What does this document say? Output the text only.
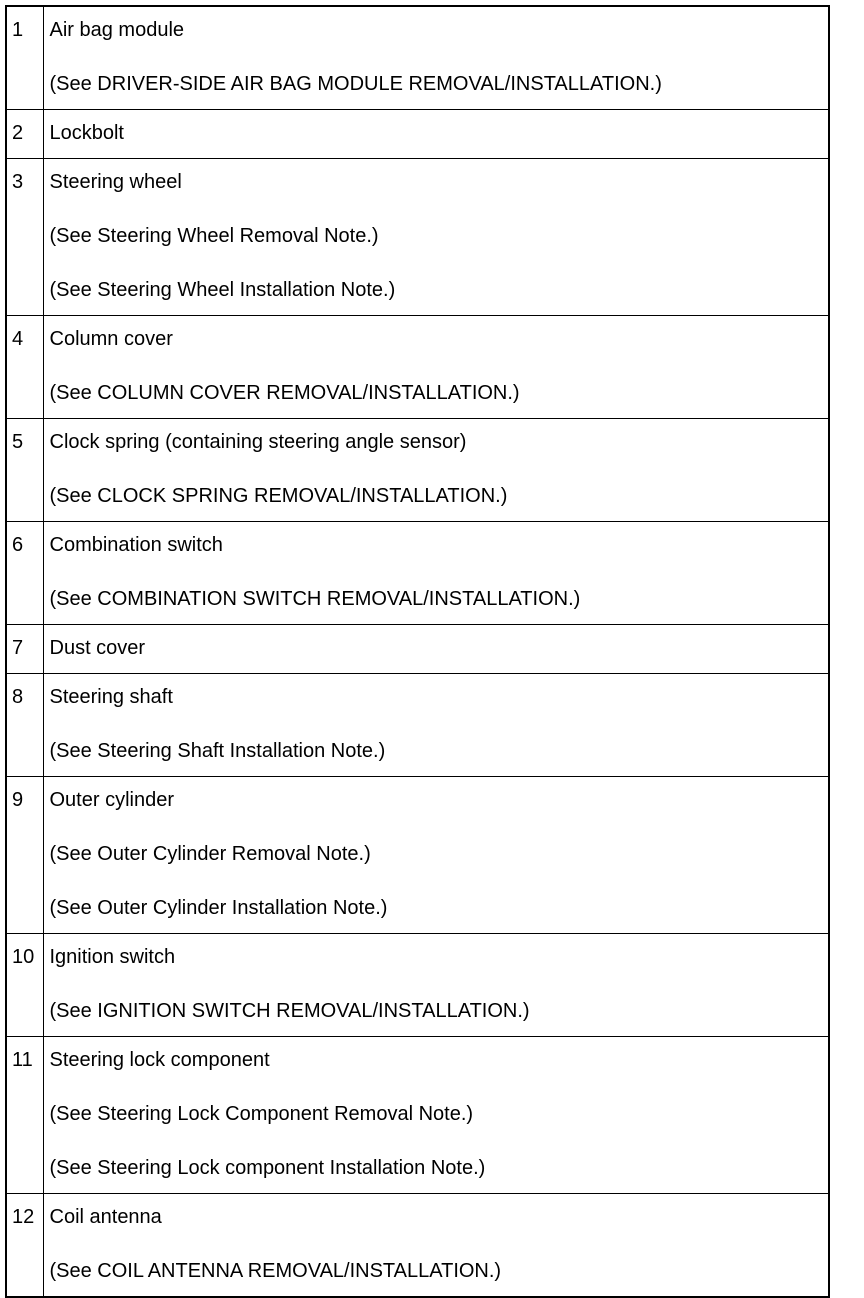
1	Air bag module
(See DRIVER-SIDE AIR BAG MODULE REMOVAL/INSTALLATION.)

2	Lockbolt

3	Steering wheel
(See Steering Wheel Removal Note.)
(See Steering Wheel Installation Note.)

4	Column cover
(See COLUMN COVER REMOVAL/INSTALLATION.)

5	Clock spring (containing steering angle sensor)
(See CLOCK SPRING REMOVAL/INSTALLATION.)

6	Combination switch
(See COMBINATION SWITCH REMOVAL/INSTALLATION.)

7	Dust cover

8	Steering shaft
(See Steering Shaft Installation Note.)

9	Outer cylinder
(See Outer Cylinder Removal Note.)
(See Outer Cylinder Installation Note.)

10	Ignition switch
(See IGNITION SWITCH REMOVAL/INSTALLATION.)

11	Steering lock component
(See Steering Lock Component Removal Note.)
(See Steering Lock component Installation Note.)

12	Coil antenna
(See COIL ANTENNA REMOVAL/INSTALLATION.)
